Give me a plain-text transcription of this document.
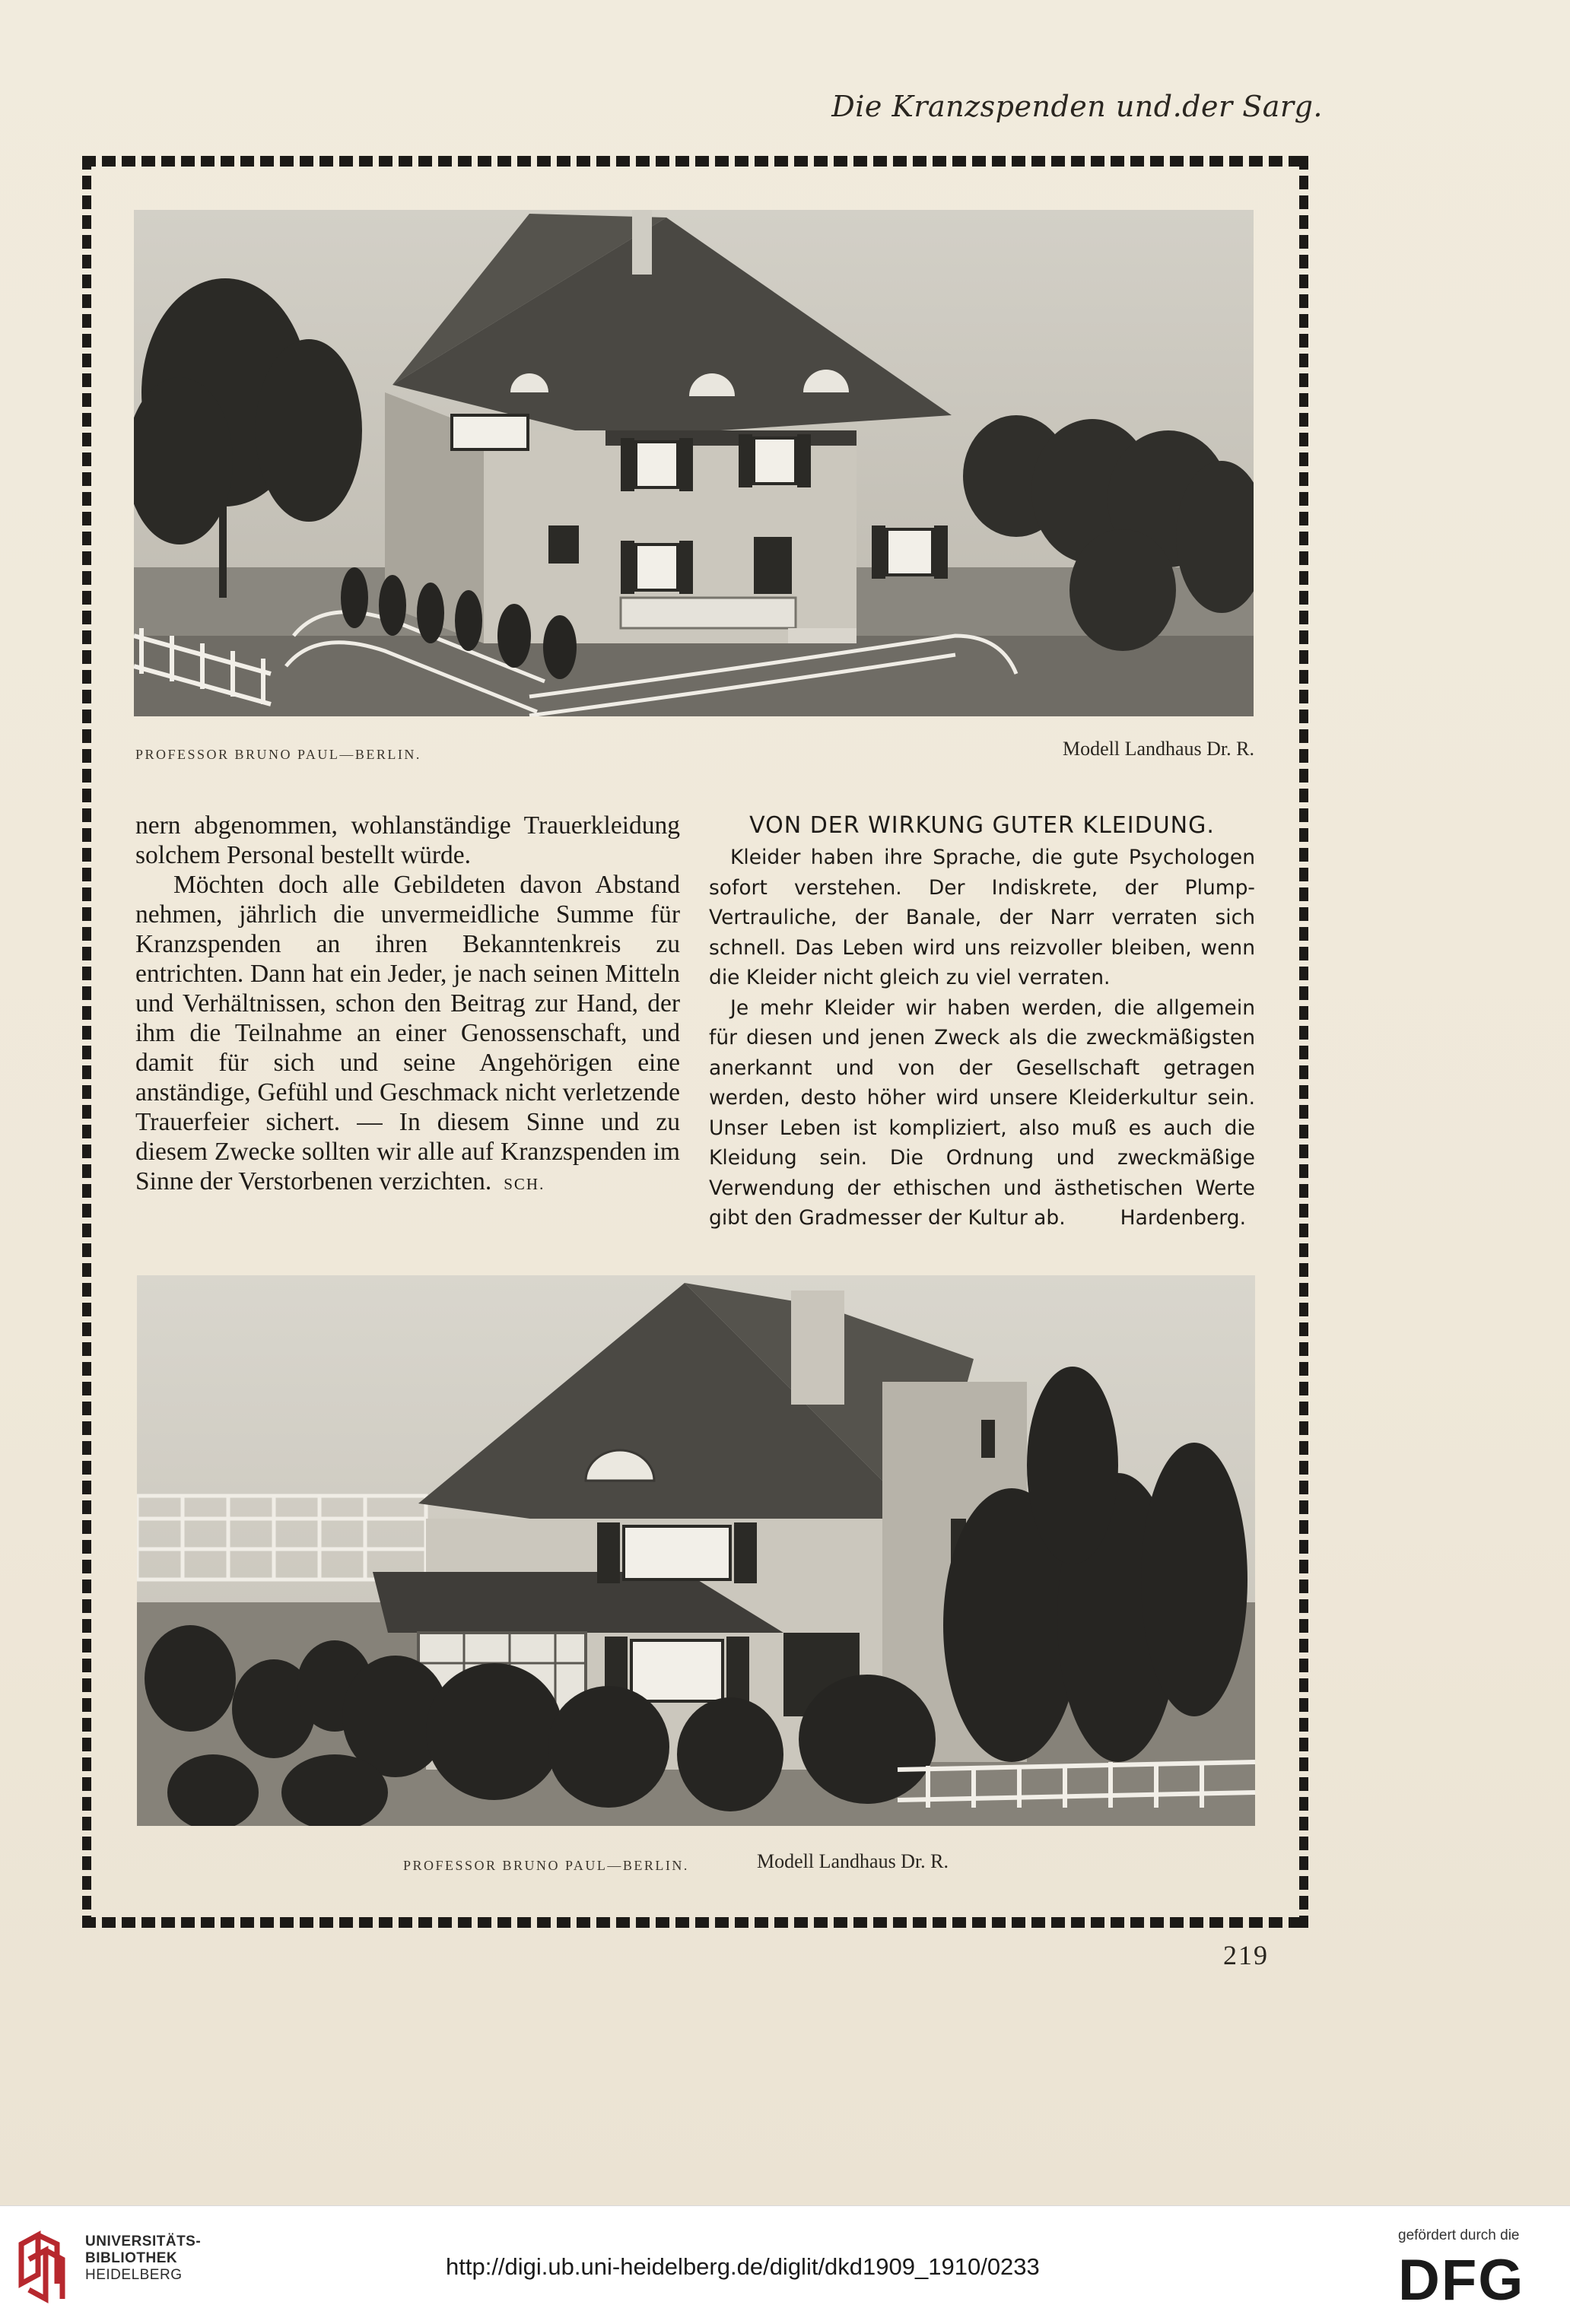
Die Kranzspenden und.der Sarg.
PROFESSOR BRUNO PAUL—BERLIN.	Modell Landhaus Dr. R.

nern abgenommen, wohlanständige Trauerkleidung solchem Personal bestellt würde.

Möchten doch alle Gebildeten davon Abstand nehmen, jährlich die unvermeidliche Summe für Kranzspenden an ihren Bekanntenkreis zu entrichten. Dann hat ein Jeder, je nach seinen Mitteln und Verhältnissen, schon den Beitrag zur Hand, der ihm die Teilnahme an einer Genossenschaft, und damit für sich und seine Angehörigen eine anständige, Gefühl und Geschmack nicht verletzende Trauerfeier sichert. — In diesem Sinne und zu diesem Zwecke sollten wir alle auf Kranzspenden im Sinne der Verstorbenen verzichten. SCH.

VON DER WIRKUNG GUTER KLEIDUNG.

Kleider haben ihre Sprache, die gute Psychologen sofort verstehen. Der Indiskrete, der Plump-Vertrauliche, der Banale, der Narr verraten sich schnell. Das Leben wird uns reizvoller bleiben, wenn die Kleider nicht gleich zu viel verraten.

Je mehr Kleider wir haben werden, die allgemein für diesen und jenen Zweck als die zweckmäßigsten anerkannt und von der Gesellschaft getragen werden, desto höher wird unsere Kleiderkultur sein. Unser Leben ist kompliziert, also muß es auch die Kleidung sein. Die Ordnung und zweckmäßige Verwendung der ethischen und ästhetischen Werte gibt den Gradmesser der Kultur ab.	Hardenberg.

PROFESSOR BRUNO PAUL—BERLIN.	Modell Landhaus Dr. R.
219
UNIVERSITÄTS-
BIBLIOTHEK
HEIDELBERG	http://digi.ub.uni-heidelberg.de/diglit/dkd1909_1910/0233
gefördert durch die
DFG
